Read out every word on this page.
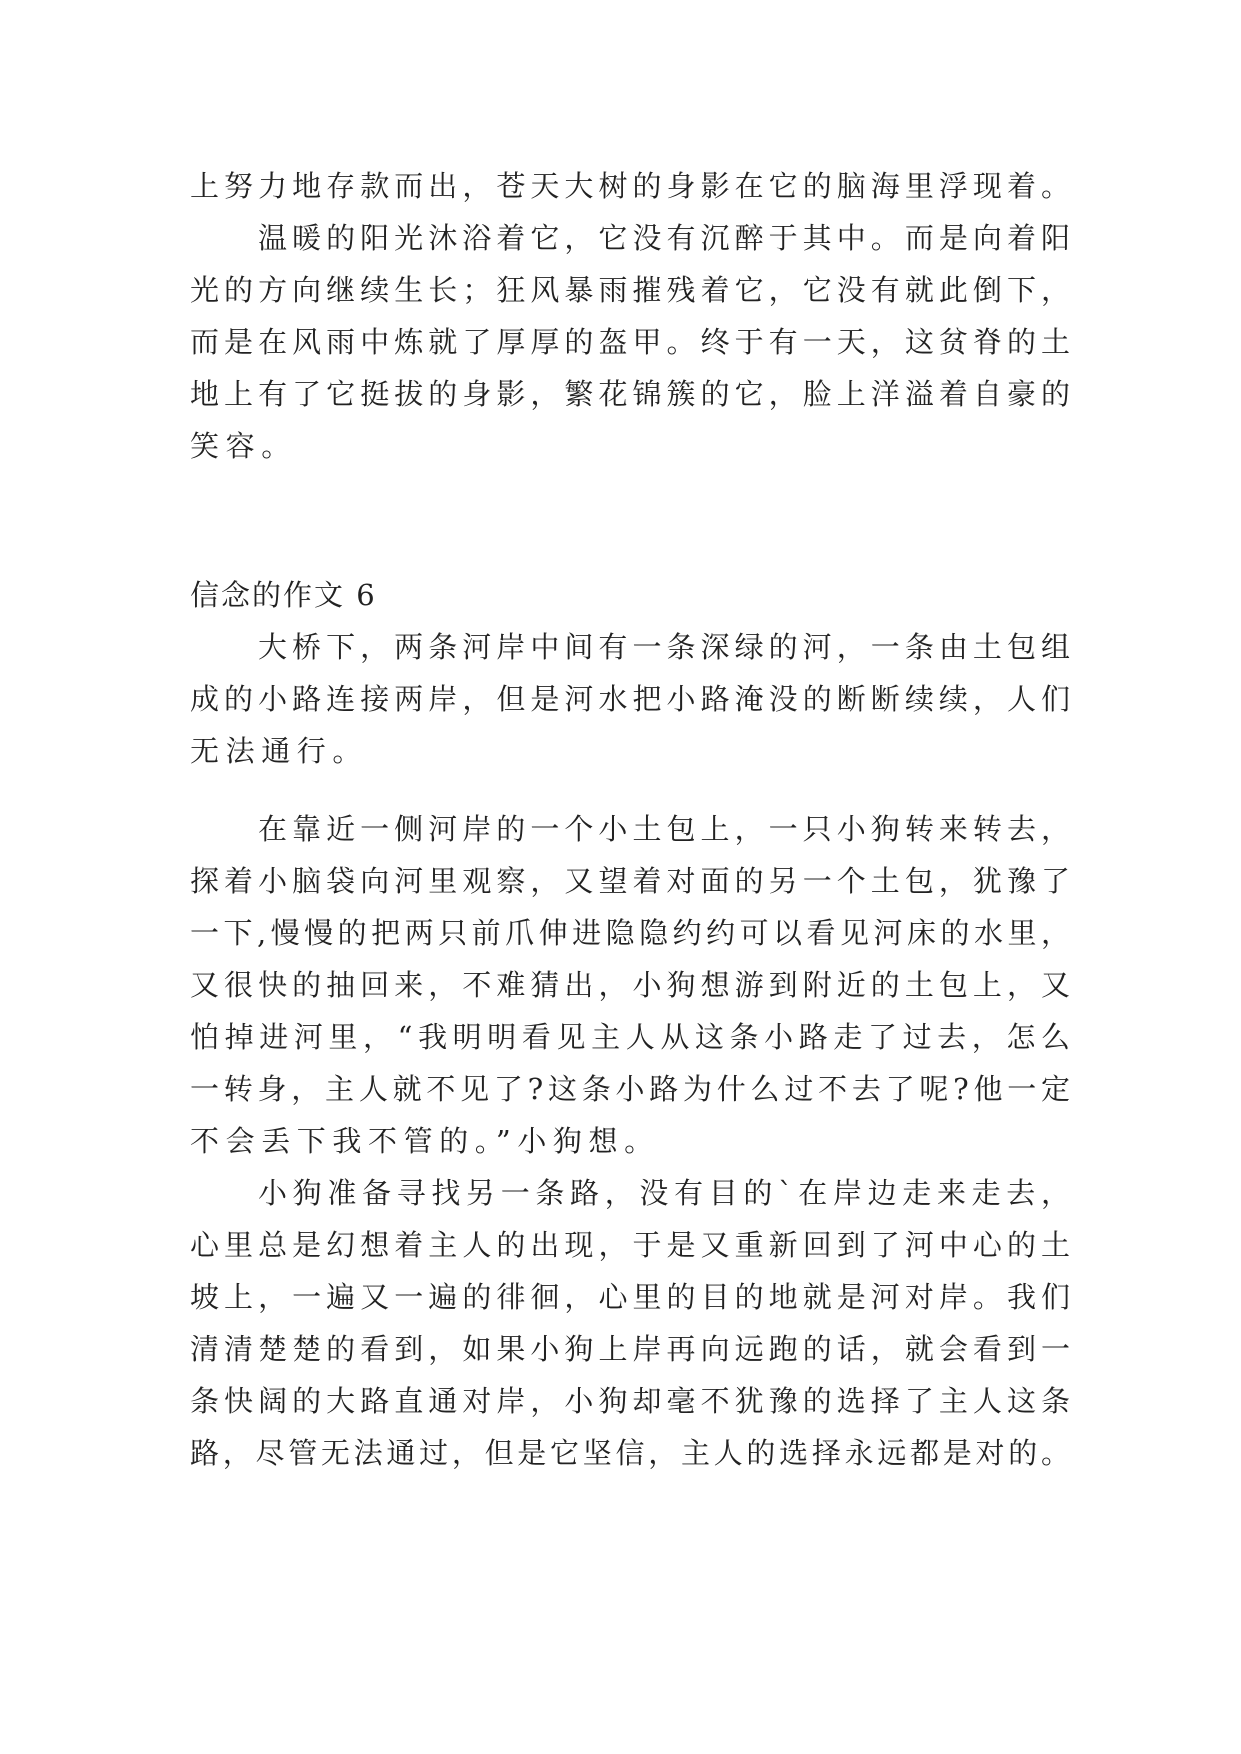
上努力地存款而出，苍天大树的身影在它的脑海里浮现着。
温暖的阳光沐浴着它，它没有沉醉于其中。而是向着阳
光的方向继续生长；狂风暴雨摧残着它，它没有就此倒下，
而是在风雨中炼就了厚厚的盔甲。终于有一天，这贫脊的土
地上有了它挺拔的身影，繁花锦簇的它，脸上洋溢着自豪的
笑容。
信念的作文 6
大桥下，两条河岸中间有一条深绿的河，一条由土包组
成的小路连接两岸，但是河水把小路淹没的断断续续，人们
无法通行。
在靠近一侧河岸的一个小土包上，一只小狗转来转去，
探着小脑袋向河里观察，又望着对面的另一个土包，犹豫了
一下,慢慢的把两只前爪伸进隐隐约约可以看见河床的水里，
又很快的抽回来，不难猜出，小狗想游到附近的土包上，又
怕掉进河里，“我明明看见主人从这条小路走了过去，怎么
一转身，主人就不见了?这条小路为什么过不去了呢?他一定
不会丢下我不管的。”小狗想。
小狗准备寻找另一条路，没有目的`在岸边走来走去，
心里总是幻想着主人的出现，于是又重新回到了河中心的土
坡上，一遍又一遍的徘徊，心里的目的地就是河对岸。我们
清清楚楚的看到，如果小狗上岸再向远跑的话，就会看到一
条快阔的大路直通对岸，小狗却毫不犹豫的选择了主人这条
路，尽管无法通过，但是它坚信，主人的选择永远都是对的。
